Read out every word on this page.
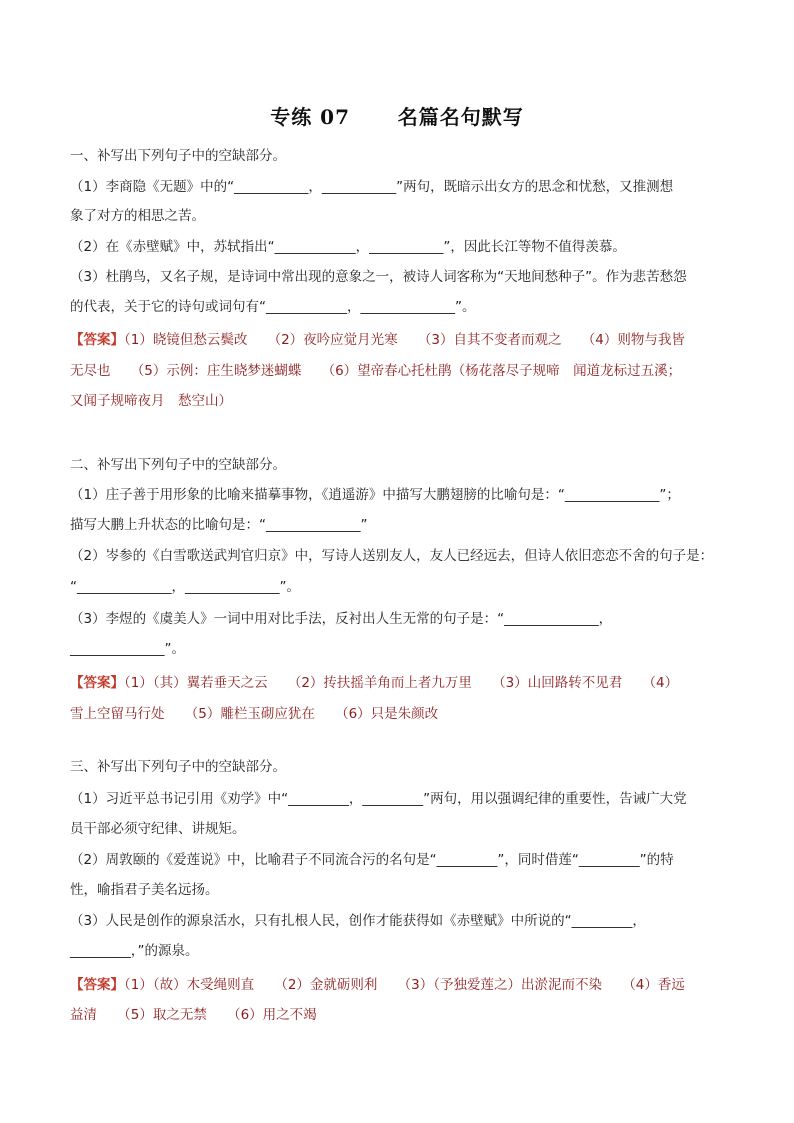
专练 07      名篇名句默写
一、补写出下列句子中的空缺部分。
（1）李商隐《无题》中的“___________，___________”两句，既暗示出女方的思念和忧愁，又推测想
象了对方的相思之苦。
（2）在《赤壁赋》中，苏轼指出“____________，___________”，因此长江等物不值得羡慕。
（3）杜鹃鸟，又名子规，是诗词中常出现的意象之一，被诗人词客称为“天地间愁种子”。作为悲苦愁怨
的代表，关于它的诗句或词句有“____________，______________”。
【答案】（1）晓镜但愁云鬓改　　（2）夜吟应觉月光寒　　（3）自其不变者而观之　　（4）则物与我皆
无尽也　　（5）示例：庄生晓梦迷蝴蝶　　（6）望帝春心托杜鹃（杨花落尽子规啼　闻道龙标过五溪；
又闻子规啼夜月　愁空山）
二、补写出下列句子中的空缺部分。
（1）庄子善于用形象的比喻来描摹事物，《逍遥游》中描写大鹏翅膀的比喻句是：“______________”；
描写大鹏上升状态的比喻句是：“______________”
（2）岑参的《白雪歌送武判官归京》中，写诗人送别友人，友人已经远去，但诗人依旧恋恋不舍的句子是：
“______________，______________”。
（3）李煜的《虞美人》一词中用对比手法，反衬出人生无常的句子是：“______________，
______________”。
【答案】（1）（其）翼若垂天之云　　（2）抟扶摇羊角而上者九万里　　（3）山回路转不见君　　（4）
雪上空留马行处　　（5）雕栏玉砌应犹在　　（6）只是朱颜改
三、补写出下列句子中的空缺部分。
（1）习近平总书记引用《劝学》中“_________，_________”两句，用以强调纪律的重要性，告诫广大党
员干部必须守纪律、讲规矩。
（2）周敦颐的《爱莲说》中，比喻君子不同流合污的名句是“_________”，同时借莲“_________”的特
性，喻指君子美名远扬。
（3）人民是创作的源泉活水，只有扎根人民，创作才能获得如《赤壁赋》中所说的“_________，
_________，”的源泉。
【答案】（1）（故）木受绳则直　　（2）金就砺则利　　（3）（予独爱莲之）出淤泥而不染　　（4）香远
益清　　（5）取之无禁　　（6）用之不竭
